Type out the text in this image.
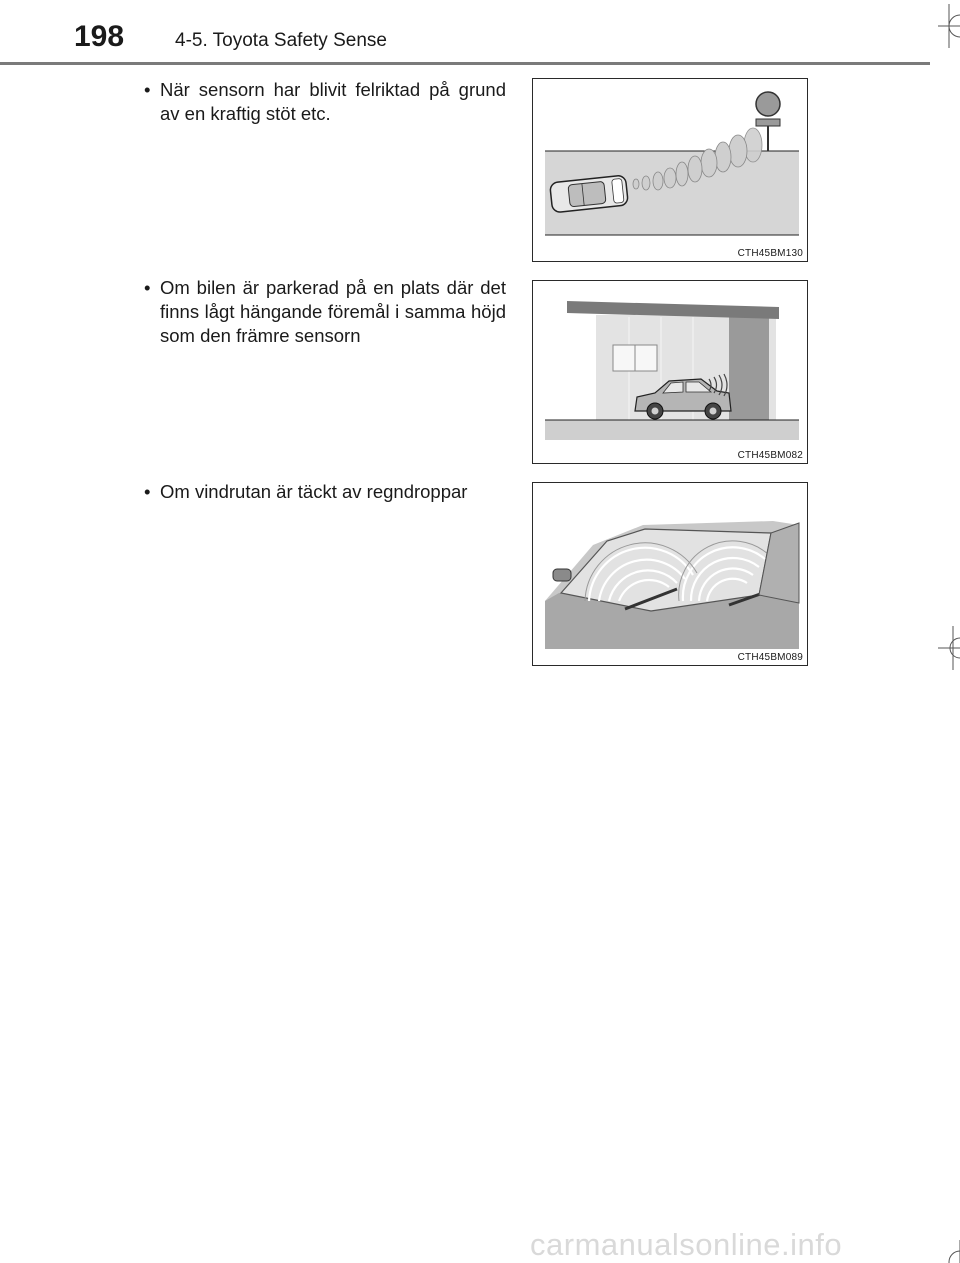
198	4-5. Toyota Safety Sense
• När sensorn har blivit felriktad på grund av en kraftig stöt etc.
• Om bilen är parkerad på en plats där det finns lågt hängande föremål i samma höjd som den främre sensorn
• Om vindrutan är täckt av regndroppar
CTH45BM130
CTH45BM082
CTH45BM089
carmanualsonline.info
